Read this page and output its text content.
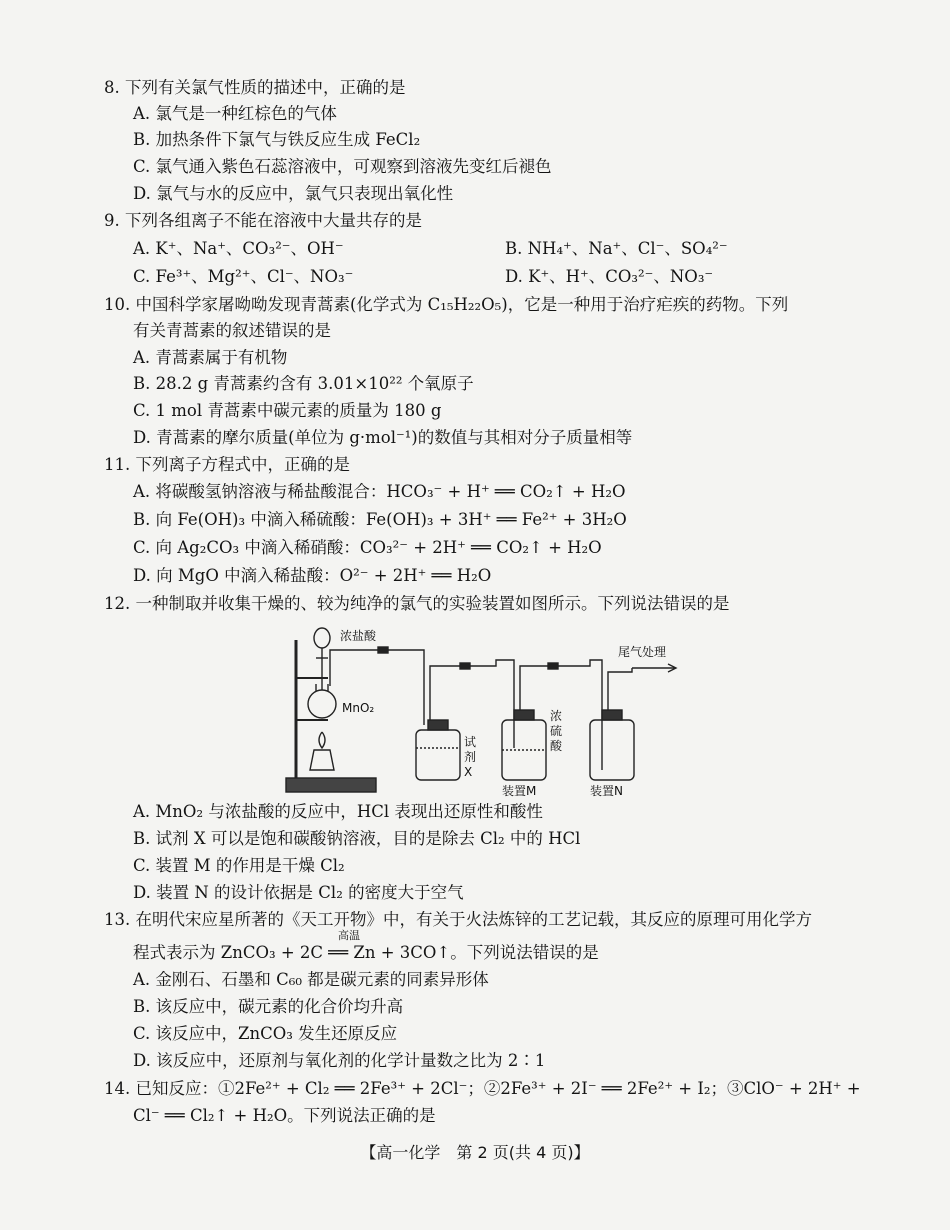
8. 下列有关氯气性质的描述中，正确的是
A. 氯气是一种红棕色的气体
B. 加热条件下氯气与铁反应生成 FeCl₂
C. 氯气通入紫色石蕊溶液中，可观察到溶液先变红后褪色
D. 氯气与水的反应中，氯气只表现出氧化性
9. 下列各组离子不能在溶液中大量共存的是
A. K⁺、Na⁺、CO₃²⁻、OH⁻	B. NH₄⁺、Na⁺、Cl⁻、SO₄²⁻
C. Fe³⁺、Mg²⁺、Cl⁻、NO₃⁻	D. K⁺、H⁺、CO₃²⁻、NO₃⁻
10. 中国科学家屠呦呦发现青蒿素(化学式为 C₁₅H₂₂O₅)，它是一种用于治疗疟疾的药物。下列
有关青蒿素的叙述错误的是
A. 青蒿素属于有机物
B. 28.2 g 青蒿素约含有 3.01×10²² 个氧原子
C. 1 mol 青蒿素中碳元素的质量为 180 g
D. 青蒿素的摩尔质量(单位为 g·mol⁻¹)的数值与其相对分子质量相等
11. 下列离子方程式中，正确的是
A. 将碳酸氢钠溶液与稀盐酸混合：HCO₃⁻ + H⁺ ══ CO₂↑ + H₂O
B. 向 Fe(OH)₃ 中滴入稀硫酸：Fe(OH)₃ + 3H⁺ ══ Fe²⁺ + 3H₂O
C. 向 Ag₂CO₃ 中滴入稀硝酸：CO₃²⁻ + 2H⁺ ══ CO₂↑ + H₂O
D. 向 MgO 中滴入稀盐酸：O²⁻ + 2H⁺ ══ H₂O
12. 一种制取并收集干燥的、较为纯净的氯气的实验装置如图所示。下列说法错误的是
浓盐酸
MnO₂
尾气处理
试
剂
X
浓
硫
酸
装置M	装置N
A. MnO₂ 与浓盐酸的反应中，HCl 表现出还原性和酸性
B. 试剂 X 可以是饱和碳酸钠溶液，目的是除去 Cl₂ 中的 HCl
C. 装置 M 的作用是干燥 Cl₂
D. 装置 N 的设计依据是 Cl₂ 的密度大于空气
13. 在明代宋应星所著的《天工开物》中，有关于火法炼锌的工艺记载，其反应的原理可用化学方
高温
程式表示为 ZnCO₃ + 2C ══ Zn + 3CO↑。下列说法错误的是
A. 金刚石、石墨和 C₆₀ 都是碳元素的同素异形体
B. 该反应中，碳元素的化合价均升高
C. 该反应中，ZnCO₃ 发生还原反应
D. 该反应中，还原剂与氧化剂的化学计量数之比为 2∶1
14. 已知反应：①2Fe²⁺ + Cl₂ ══ 2Fe³⁺ + 2Cl⁻；②2Fe³⁺ + 2I⁻ ══ 2Fe²⁺ + I₂；③ClO⁻ + 2H⁺ +
Cl⁻ ══ Cl₂↑ + H₂O。下列说法正确的是
【高一化学　第 2 页(共 4 页)】
